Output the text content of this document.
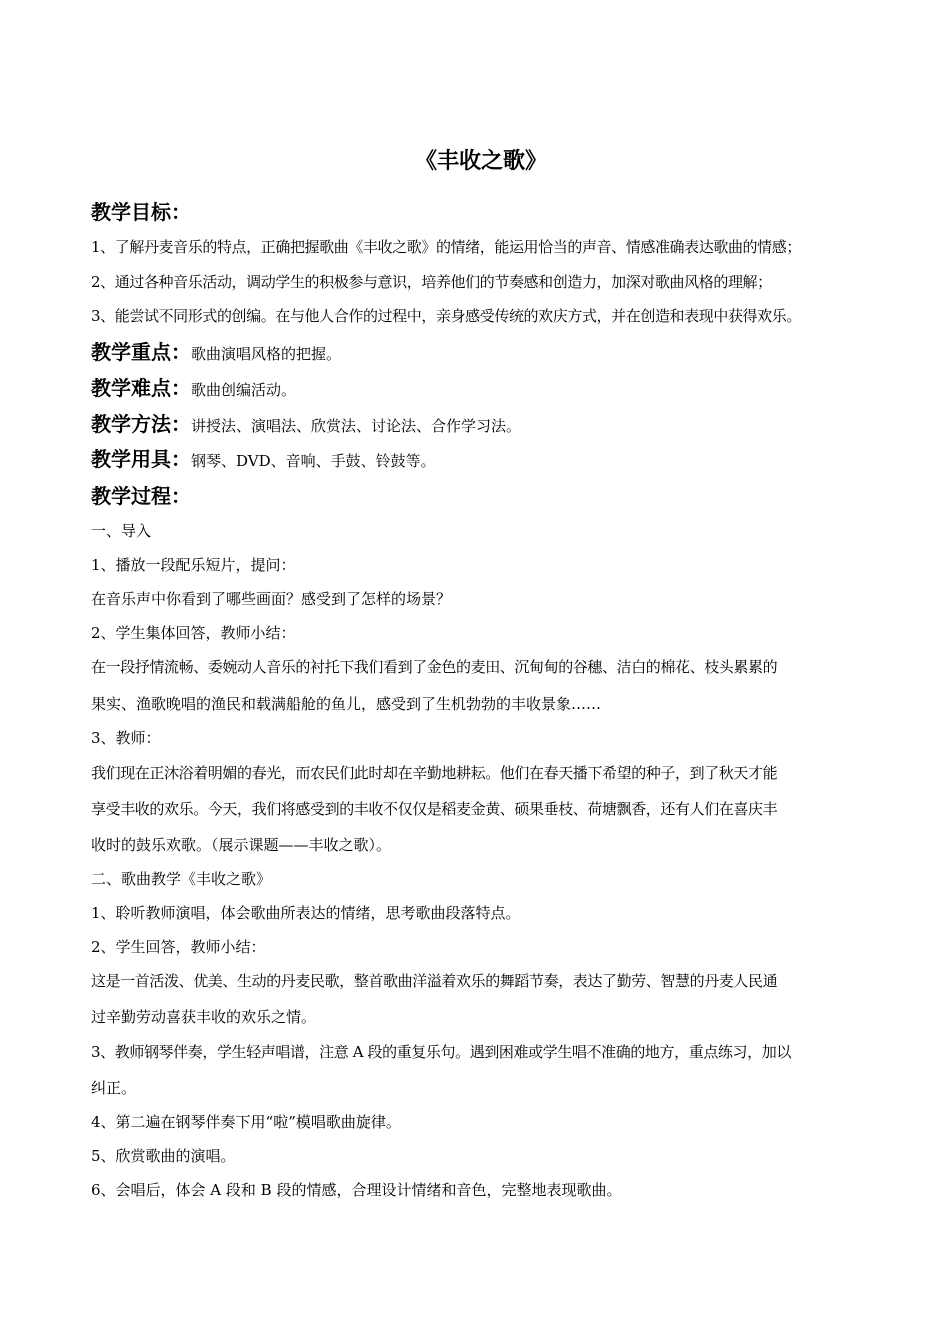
《丰收之歌》
教学目标：
1、了解丹麦音乐的特点，正确把握歌曲《丰收之歌》的情绪，能运用恰当的声音、情感准确表达歌曲的情感；
2、通过各种音乐活动，调动学生的积极参与意识，培养他们的节奏感和创造力，加深对歌曲风格的理解；
3、能尝试不同形式的创编。在与他人合作的过程中，亲身感受传统的欢庆方式，并在创造和表现中获得欢乐。
教学重点：歌曲演唱风格的把握。
教学难点：歌曲创编活动。
教学方法：讲授法、演唱法、欣赏法、讨论法、合作学习法。
教学用具：钢琴、DVD、音响、手鼓、铃鼓等。
教学过程：
一、导入
1、播放一段配乐短片，提问：
在音乐声中你看到了哪些画面？感受到了怎样的场景？
2、学生集体回答，教师小结：
在一段抒情流畅、委婉动人音乐的衬托下我们看到了金色的麦田、沉甸甸的谷穗、洁白的棉花、枝头累累的
果实、渔歌晚唱的渔民和载满船舱的鱼儿，感受到了生机勃勃的丰收景象……
3、教师：
我们现在正沐浴着明媚的春光，而农民们此时却在辛勤地耕耘。他们在春天播下希望的种子，到了秋天才能
享受丰收的欢乐。今天，我们将感受到的丰收不仅仅是稻麦金黄、硕果垂枝、荷塘飘香，还有人们在喜庆丰
收时的鼓乐欢歌。（展示课题——丰收之歌）。
二、歌曲教学《丰收之歌》
1、聆听教师演唱，体会歌曲所表达的情绪，思考歌曲段落特点。
2、学生回答，教师小结：
这是一首活泼、优美、生动的丹麦民歌，整首歌曲洋溢着欢乐的舞蹈节奏，表达了勤劳、智慧的丹麦人民通
过辛勤劳动喜获丰收的欢乐之情。
3、教师钢琴伴奏，学生轻声唱谱，注意 A 段的重复乐句。遇到困难或学生唱不准确的地方，重点练习，加以
纠正。
4、第二遍在钢琴伴奏下用“啦”模唱歌曲旋律。
5、欣赏歌曲的演唱。
6、会唱后，体会 A 段和 B 段的情感，合理设计情绪和音色，完整地表现歌曲。
